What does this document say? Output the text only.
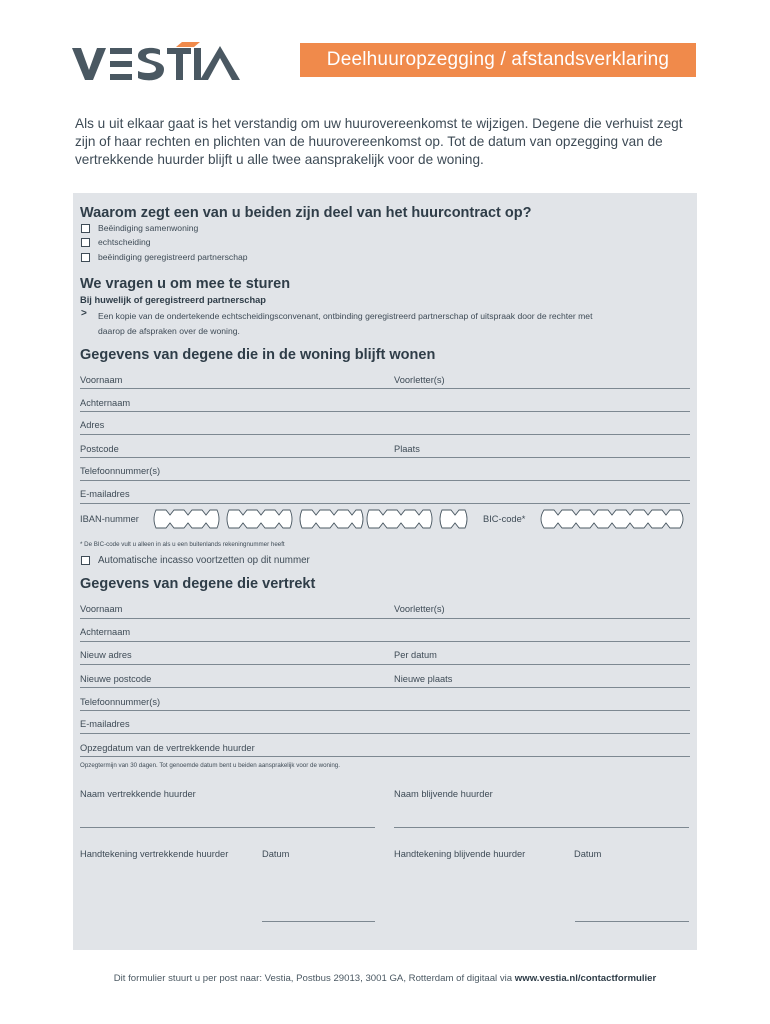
Deelhuuropzegging / afstandsverklaring
Als u uit elkaar gaat is het verstandig om uw huurovereenkomst te wijzigen. Degene die verhuist zegt zijn of haar rechten en plichten van de huurovereenkomst op. Tot de datum van opzegging van de vertrekkende huurder blijft u alle twee aansprakelijk voor de woning.
Waarom zegt een van u beiden zijn deel van het huurcontract op?
Beëindiging samenwoning
echtscheiding
beëindiging geregistreerd partnerschap
We vragen u om mee te sturen
Bij huwelijk of geregistreerd partnerschap
> Een kopie van de ondertekende echtscheidingsconvenant, ontbinding geregistreerd partnerschap of uitspraak door de rechter met daarop de afspraken over de woning.
Gegevens van degene die in de woning blijft wonen
Voornaam	Voorletter(s)
Achternaam
Adres
Postcode	Plaats
Telefoonnummer(s)
E-mailadres
IBAN-nummer	BIC-code*
* De BIC-code vult u alleen in als u een buitenlands rekeningnummer heeft
Automatische incasso voortzetten op dit nummer
Gegevens van degene die vertrekt
Voornaam	Voorletter(s)
Achternaam
Nieuw adres	Per datum
Nieuwe postcode	Nieuwe plaats
Telefoonnummer(s)
E-mailadres
Opzegdatum van de vertrekkende huurder
Opzegtermijn van 30 dagen. Tot genoemde datum bent u beiden aansprakelijk voor de woning.
Naam vertrekkende huurder	Naam blijvende huurder
Handtekening vertrekkende huurder	Datum	Handtekening blijvende huurder	Datum
Dit formulier stuurt u per post naar: Vestia, Postbus 29013, 3001 GA, Rotterdam of digitaal via www.vestia.nl/contactformulier
